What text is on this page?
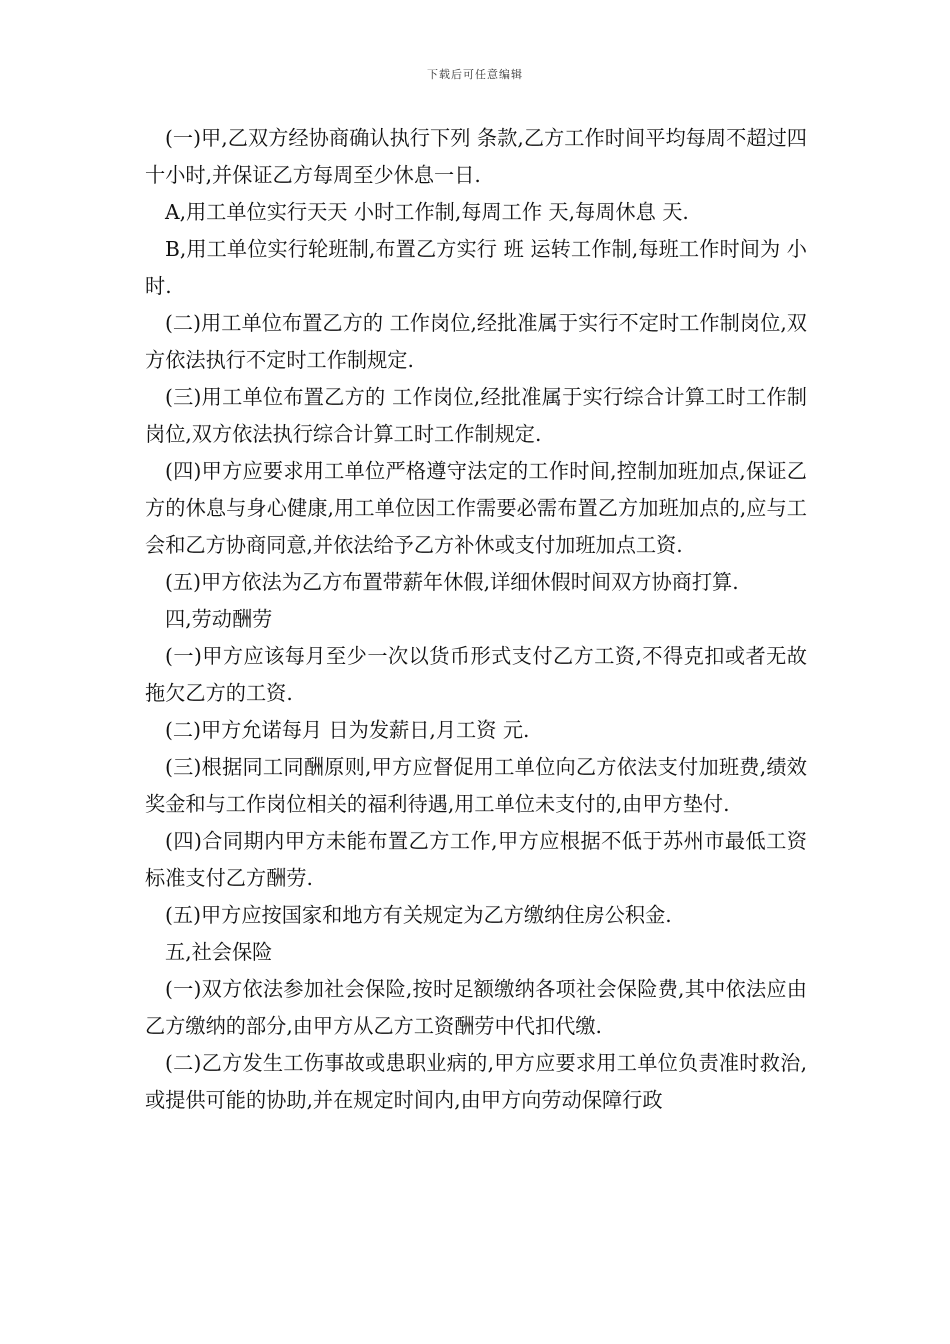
下载后可任意编辑

(一)甲,乙双方经协商确认执行下列 条款,乙方工作时间平均每周不超过四十小时,并保证乙方每周至少休息一日.

A,用工单位实行天天 小时工作制,每周工作 天,每周休息 天.

B,用工单位实行轮班制,布置乙方实行 班 运转工作制,每班工作时间为 小时.

(二)用工单位布置乙方的 工作岗位,经批准属于实行不定时工作制岗位,双方依法执行不定时工作制规定.

(三)用工单位布置乙方的 工作岗位,经批准属于实行综合计算工时工作制岗位,双方依法执行综合计算工时工作制规定.

(四)甲方应要求用工单位严格遵守法定的工作时间,控制加班加点,保证乙方的休息与身心健康,用工单位因工作需要必需布置乙方加班加点的,应与工会和乙方协商同意,并依法给予乙方补休或支付加班加点工资.

(五)甲方依法为乙方布置带薪年休假,详细休假时间双方协商打算.

四,劳动酬劳

(一)甲方应该每月至少一次以货币形式支付乙方工资,不得克扣或者无故拖欠乙方的工资.

(二)甲方允诺每月 日为发薪日,月工资 元.

(三)根据同工同酬原则,甲方应督促用工单位向乙方依法支付加班费,绩效奖金和与工作岗位相关的福利待遇,用工单位未支付的,由甲方垫付.

(四)合同期内甲方未能布置乙方工作,甲方应根据不低于苏州市最低工资标准支付乙方酬劳.

(五)甲方应按国家和地方有关规定为乙方缴纳住房公积金.

五,社会保险

(一)双方依法参加社会保险,按时足额缴纳各项社会保险费,其中依法应由乙方缴纳的部分,由甲方从乙方工资酬劳中代扣代缴.

(二)乙方发生工伤事故或患职业病的,甲方应要求用工单位负责准时救治,或提供可能的协助,并在规定时间内,由甲方向劳动保障行政
